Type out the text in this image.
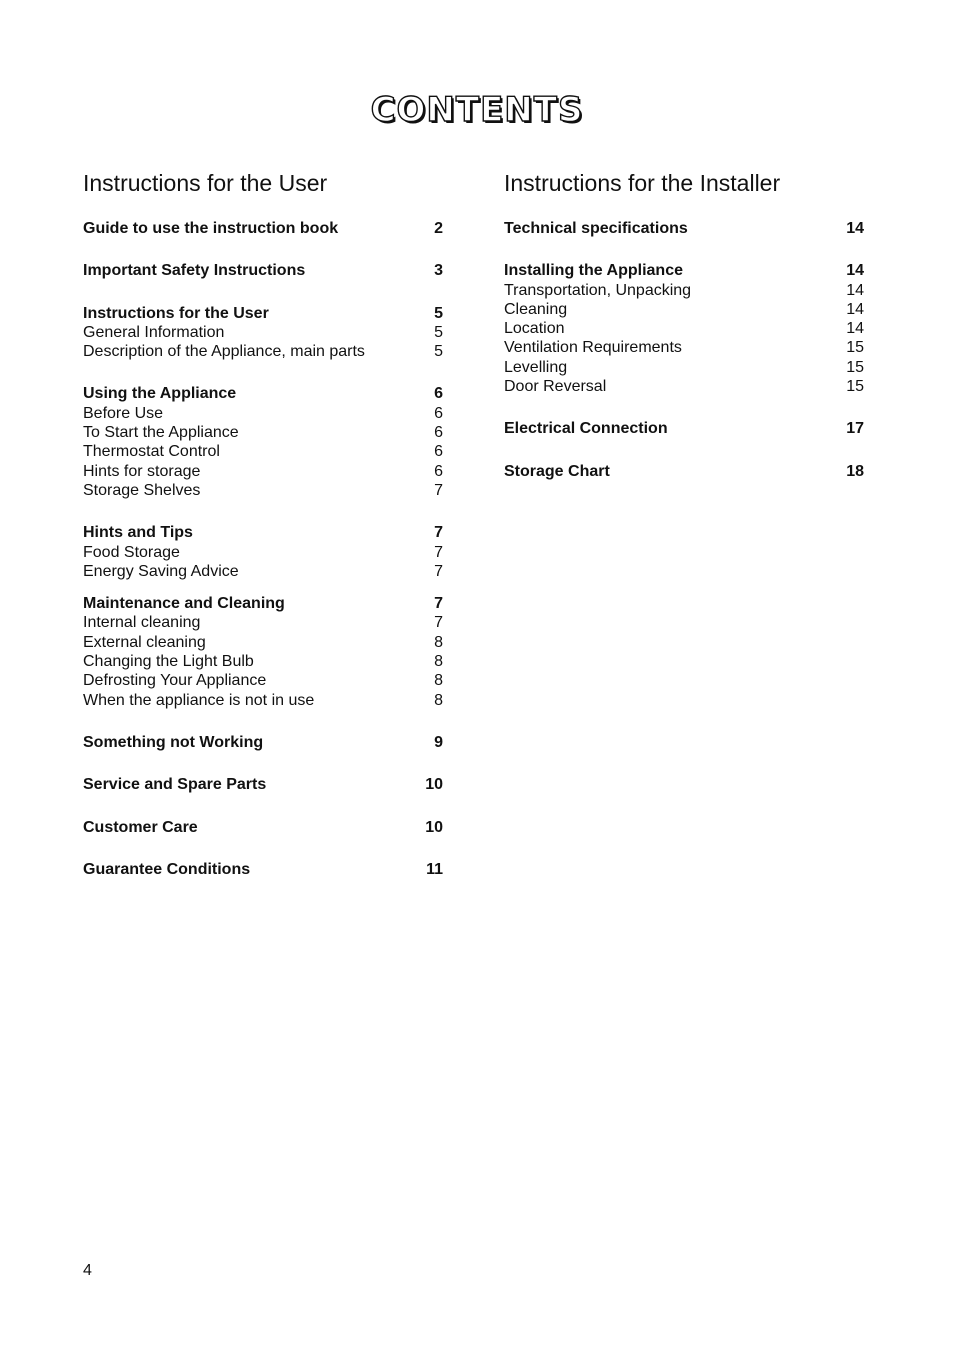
CONTENTS
Instructions for the User
Guide to use the instruction book	2
Important Safety Instructions	3
Instructions for the User	5
General Information	5
Description of the Appliance, main parts	5
Using the Appliance	6
Before Use	6
To Start the Appliance	6
Thermostat Control	6
Hints for storage	6
Storage Shelves	7
Hints and Tips	7
Food Storage	7
Energy Saving Advice	7
Maintenance and Cleaning	7
Internal cleaning	7
External cleaning	8
Changing the Light Bulb	8
Defrosting Your Appliance	8
When the appliance is not in use	8
Something not Working	9
Service and Spare Parts	10
Customer Care	10
Guarantee Conditions	11
Instructions for the Installer
Technical specifications	14
Installing the Appliance	14
Transportation, Unpacking	14
Cleaning	14
Location	14
Ventilation Requirements	15
Levelling	15
Door Reversal	15
Electrical Connection	17
Storage Chart	18
4
